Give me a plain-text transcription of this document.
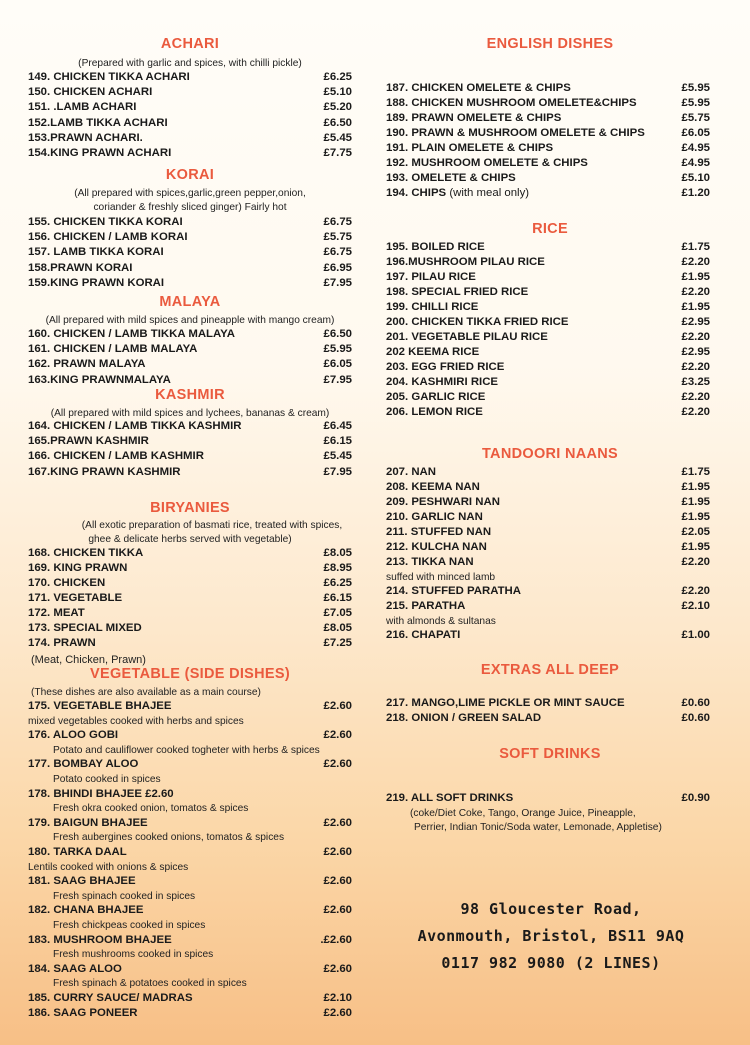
ACHARI
(Prepared with garlic and spices, with chilli pickle)
149. CHICKEN TIKKA ACHARI	£6.25
150. CHICKEN ACHARI	£5.10
151. .LAMB ACHARI	£5.20
152.LAMB TIKKA ACHARI	£6.50
153.PRAWN ACHARI.	£5.45
154.KING PRAWN ACHARI	£7.75
KORAI
(All prepared with spices,garlic,green pepper,onion,
coriander & freshly sliced ginger) Fairly hot
155. CHICKEN TIKKA KORAI	£6.75
156. CHICKEN / LAMB KORAI	£5.75
157. LAMB TIKKA KORAI	£6.75
158.PRAWN KORAI	£6.95
159.KING PRAWN KORAI	£7.95
MALAYA
(All prepared with mild spices and pineapple with mango cream)
160. CHICKEN / LAMB TIKKA MALAYA	£6.50
161. CHICKEN / LAMB MALAYA	£5.95
162. PRAWN MALAYA	£6.05
163.KING PRAWNMALAYA	£7.95
KASHMIR
(All prepared with mild spices and lychees, bananas & cream)
164. CHICKEN / LAMB TIKKA KASHMIR	£6.45
165.PRAWN KASHMIR	£6.15
166. CHICKEN / LAMB KASHMIR	£5.45
167.KING PRAWN KASHMIR	£7.95
BIRYANIES
(All exotic preparation of basmati rice, treated with spices,
ghee & delicate herbs served with vegetable)
168. CHICKEN TIKKA	£8.05
169. KING PRAWN	£8.95
170. CHICKEN	£6.25
171. VEGETABLE	£6.15
172. MEAT	£7.05
173. SPECIAL MIXED	£8.05
174. PRAWN	£7.25
(Meat, Chicken, Prawn)
VEGETABLE (SIDE DISHES)
(These dishes are also available as a main course)
175. VEGETABLE BHAJEE	£2.60
mixed vegetables cooked with herbs and spices
176. ALOO GOBI	£2.60
Potato and cauliflower cooked togheter with herbs & spices
177. BOMBAY ALOO	£2.60
Potato cooked in spices
178. BHINDI BHAJEE £2.60
Fresh okra cooked onion, tomatos & spices
179. BAIGUN BHAJEE	£2.60
Fresh aubergines cooked onions, tomatos & spices
180. TARKA DAAL	£2.60
Lentils cooked with onions & spices
181. SAAG BHAJEE	£2.60
Fresh spinach cooked in spices
182. CHANA BHAJEE	£2.60
Fresh chickpeas cooked in spices
183. MUSHROOM BHAJEE	.£2.60
Fresh mushrooms cooked in spices
184. SAAG ALOO	£2.60
Fresh spinach & potatoes cooked in spices
185. CURRY SAUCE/ MADRAS	£2.10
186. SAAG PONEER	£2.60
ENGLISH DISHES
187. CHICKEN OMELETE & CHIPS	£5.95
188. CHICKEN MUSHROOM OMELETE&CHIPS	£5.95
189. PRAWN OMELETE & CHIPS	£5.75
190. PRAWN & MUSHROOM OMELETE & CHIPS	£6.05
191. PLAIN OMELETE & CHIPS	£4.95
192. MUSHROOM OMELETE & CHIPS	£4.95
193. OMELETE & CHIPS	£5.10
194. CHIPS (with meal only)	£1.20
RICE
195. BOILED RICE	£1.75
196.MUSHROOM PILAU RICE	£2.20
197. PILAU RICE	£1.95
198. SPECIAL FRIED RICE	£2.20
199. CHILLI RICE	£1.95
200. CHICKEN TIKKA FRIED RICE	£2.95
201. VEGETABLE PILAU RICE	£2.20
202 KEEMA RICE	£2.95
203. EGG FRIED RICE	£2.20
204. KASHMIRI RICE	£3.25
205. GARLIC RICE	£2.20
206. LEMON RICE	£2.20
TANDOORI NAANS
207. NAN	£1.75
208. KEEMA NAN	£1.95
209. PESHWARI NAN	£1.95
210. GARLIC NAN	£1.95
211. STUFFED NAN	£2.05
212. KULCHA NAN	£1.95
213. TIKKA NAN	£2.20
suffed with minced lamb
214. STUFFED PARATHA	£2.20
215. PARATHA	£2.10
with almonds & sultanas
216. CHAPATI	£1.00
EXTRAS ALL DEEP
217. MANGO,LIME PICKLE OR MINT SAUCE	£0.60
218. ONION / GREEN SALAD	£0.60
SOFT DRINKS
219. ALL SOFT DRINKS	£0.90
(coke/Diet Coke, Tango, Orange Juice, Pineapple,
Perrier, Indian Tonic/Soda water, Lemonade, Appletise)
98 Gloucester Road,
Avonmouth, Bristol, BS11 9AQ
0117 982 9080 (2 LINES)
